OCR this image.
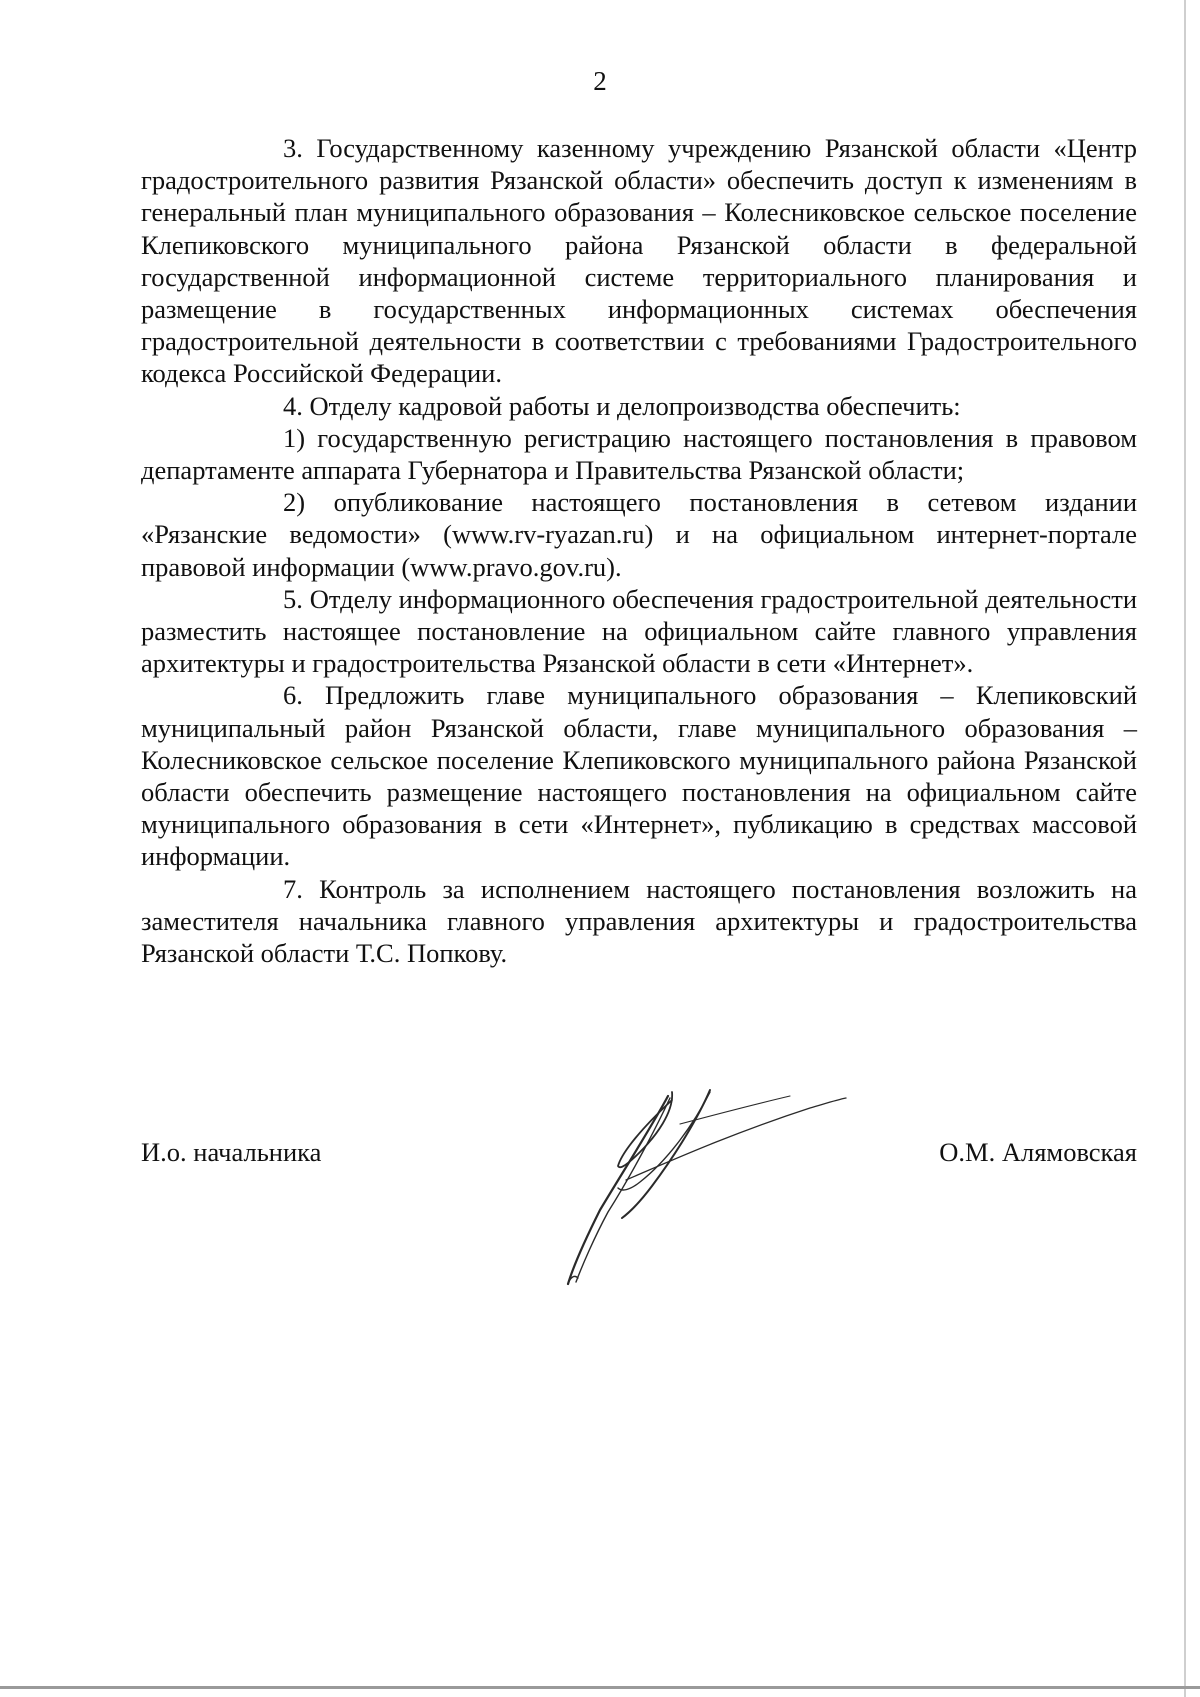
2

3. Государственному казенному учреждению Рязанской области «Центр градостроительного развития Рязанской области» обеспечить доступ к изменениям в генеральный план муниципального образования – Колесниковское сельское поселение Клепиковского муниципального района Рязанской области в федеральной государственной информационной системе территориального планирования и размещение в государственных информационных системах обеспечения градостроительной деятельности в соответствии с требованиями Градостроительного кодекса Российской Федерации.

4. Отделу кадровой работы и делопроизводства обеспечить:

1) государственную регистрацию настоящего постановления в правовом департаменте аппарата Губернатора и Правительства Рязанской области;

2) опубликование настоящего постановления в сетевом издании «Рязанские ведомости» (www.rv-ryazan.ru) и на официальном интернет-портале правовой информации (www.pravo.gov.ru).

5. Отделу информационного обеспечения градостроительной деятельности разместить настоящее постановление на официальном сайте главного управления архитектуры и градостроительства Рязанской области в сети «Интернет».

6. Предложить главе муниципального образования – Клепиковский муниципальный район Рязанской области, главе муниципального образования – Колесниковское сельское поселение Клепиковского муниципального района Рязанской области обеспечить размещение настоящего постановления на официальном сайте муниципального образования в сети «Интернет», публикацию в средствах массовой информации.

7. Контроль за исполнением настоящего постановления возложить на заместителя начальника главного управления архитектуры и градостроительства Рязанской области Т.С. Попкову.

И.о. начальника	О.М. Алямовская
